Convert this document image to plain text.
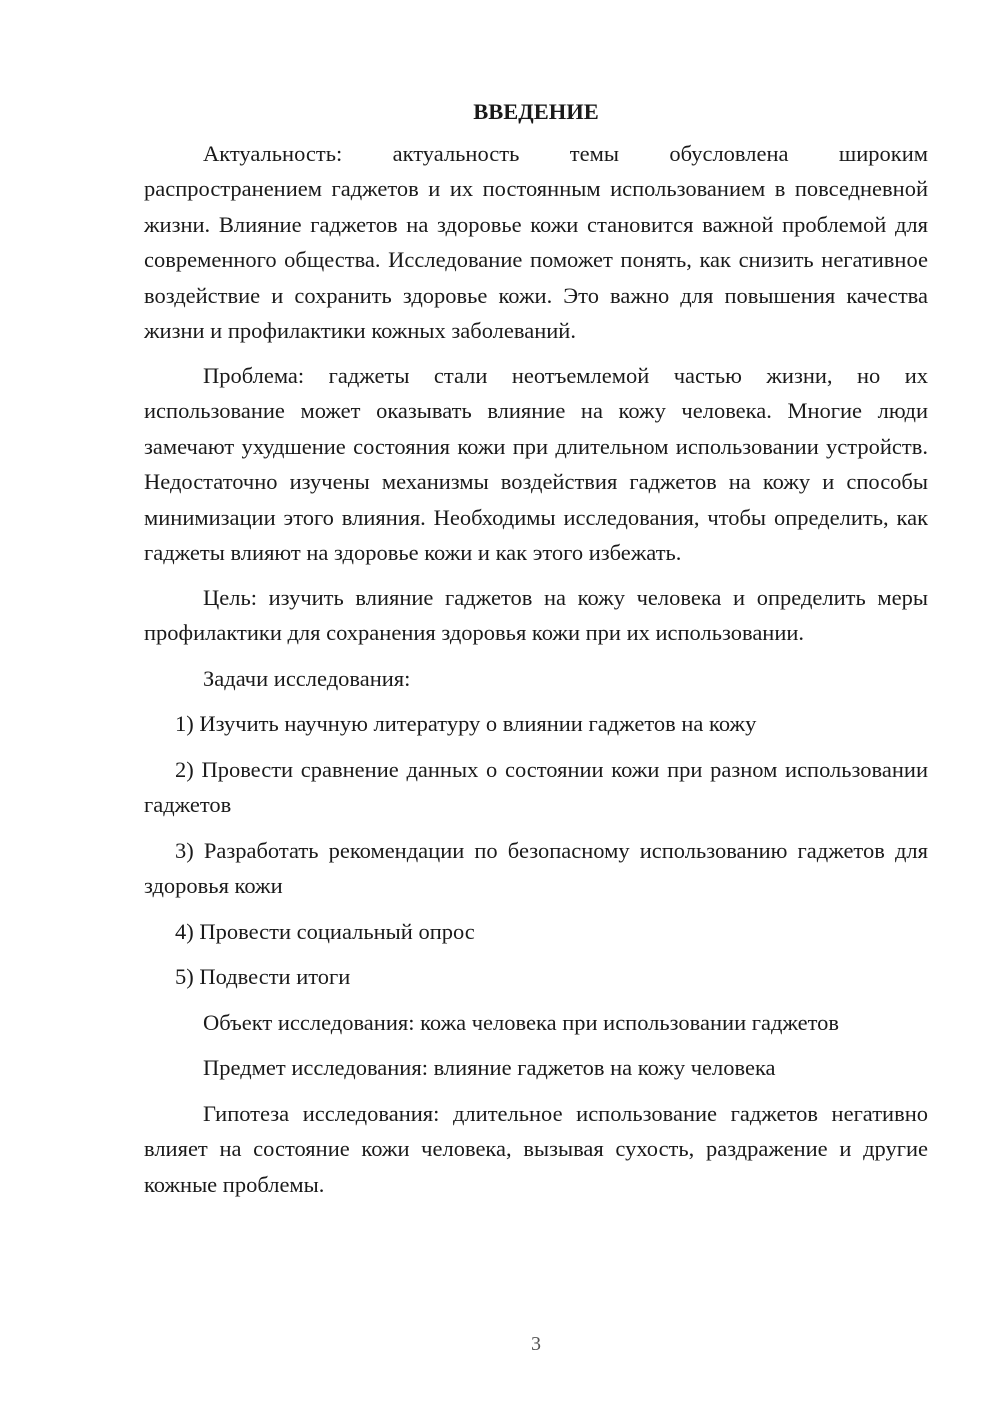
ВВЕДЕНИЕ

Актуальность: актуальность темы обусловлена широким распространением гаджетов и их постоянным использованием в повседневной жизни. Влияние гаджетов на здоровье кожи становится важной проблемой для современного общества. Исследование поможет понять, как снизить негативное воздействие и сохранить здоровье кожи. Это важно для повышения качества жизни и профилактики кожных заболеваний.

Проблема: гаджеты стали неотъемлемой частью жизни, но их использование может оказывать влияние на кожу человека. Многие люди замечают ухудшение состояния кожи при длительном использовании устройств. Недостаточно изучены механизмы воздействия гаджетов на кожу и способы минимизации этого влияния. Необходимы исследования, чтобы определить, как гаджеты влияют на здоровье кожи и как этого избежать.

Цель: изучить влияние гаджетов на кожу человека и определить меры профилактики для сохранения здоровья кожи при их использовании.

Задачи исследования:

1) Изучить научную литературу о влиянии гаджетов на кожу

2) Провести сравнение данных о состоянии кожи при разном использовании гаджетов

3) Разработать рекомендации по безопасному использованию гаджетов для здоровья кожи

4) Провести социальный опрос

5) Подвести итоги

Объект исследования: кожа человека при использовании гаджетов

Предмет исследования: влияние гаджетов на кожу человека

Гипотеза исследования: длительное использование гаджетов негативно влияет на состояние кожи человека, вызывая сухость, раздражение и другие кожные проблемы.

3
